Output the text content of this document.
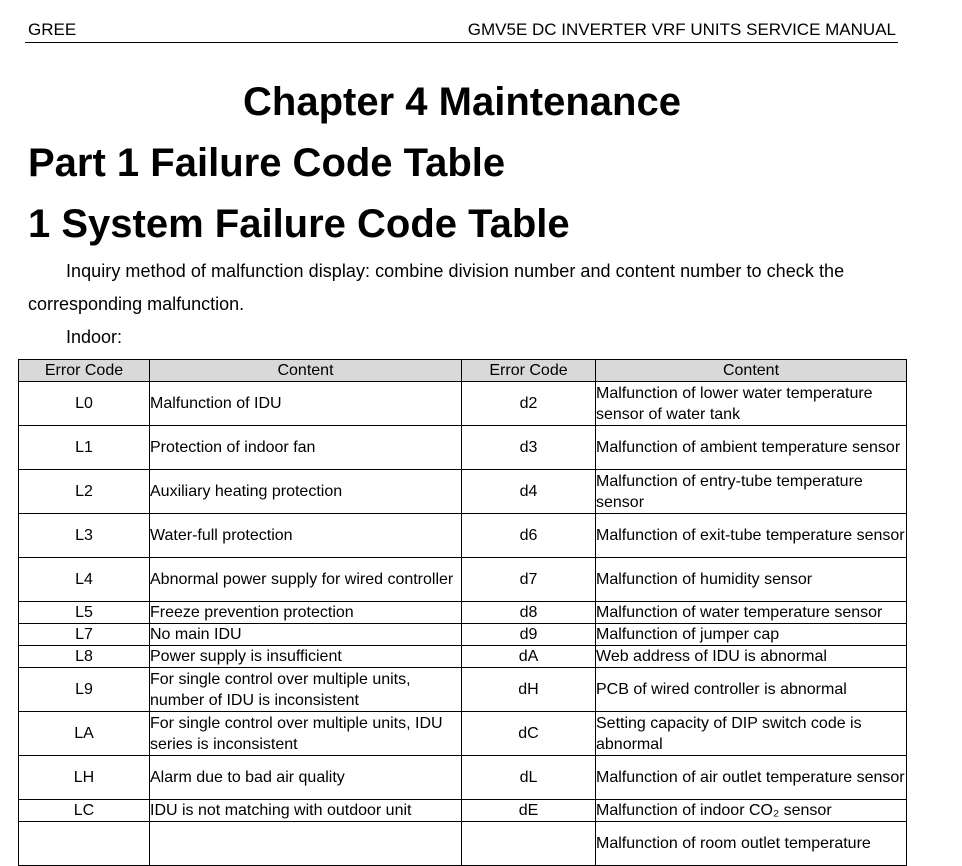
GREE	GMV5E DC INVERTER VRF UNITS SERVICE MANUAL
Chapter 4 Maintenance
Part 1 Failure Code Table
1 System Failure Code Table
Inquiry method of malfunction display: combine division number and content number to check the
corresponding malfunction.
Indoor:
Error Code	Content	Error Code	Content
L0	Malfunction of IDU	d2	Malfunction of lower water temperature sensor of water tank
L1	Protection of indoor fan	d3	Malfunction of ambient temperature sensor
L2	Auxiliary heating protection	d4	Malfunction of entry-tube temperature sensor
L3	Water-full protection	d6	Malfunction of exit-tube temperature sensor
L4	Abnormal power supply for wired controller	d7	Malfunction of humidity sensor
L5	Freeze prevention protection	d8	Malfunction of water temperature sensor
L7	No main IDU	d9	Malfunction of jumper cap
L8	Power supply is insufficient	dA	Web address of IDU is abnormal
L9	For single control over multiple units, number of IDU is inconsistent	dH	PCB of wired controller is abnormal
LA	For single control over multiple units, IDU series is inconsistent	dC	Setting capacity of DIP switch code is abnormal
LH	Alarm due to bad air quality	dL	Malfunction of air outlet temperature sensor
LC	IDU is not matching with outdoor unit	dE	Malfunction of indoor CO₂ sensor
			Malfunction of room outlet temperature
